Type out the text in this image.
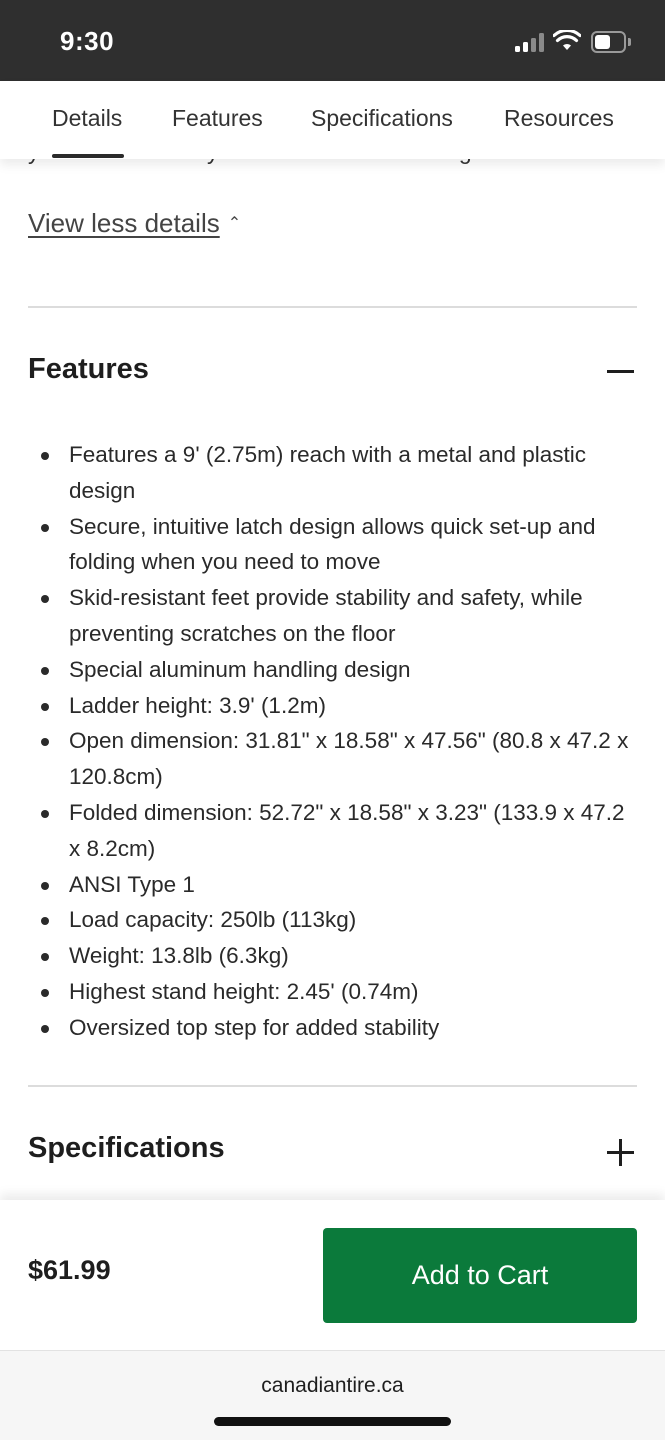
9:30
Details Features Specifications Resources
View less details ⌃
Features
Features a 9' (2.75m) reach with a metal and plastic design
Secure, intuitive latch design allows quick set-up and folding when you need to move
Skid-resistant feet provide stability and safety, while preventing scratches on the floor
Special aluminum handling design
Ladder height: 3.9' (1.2m)
Open dimension: 31.81" x 18.58" x 47.56" (80.8 x 47.2 x 120.8cm)
Folded dimension: 52.72" x 18.58" x 3.23" (133.9 x 47.2 x 8.2cm)
ANSI Type 1
Load capacity: 250lb (113kg)
Weight: 13.8lb (6.3kg)
Highest stand height: 2.45' (0.74m)
Oversized top step for added stability
Specifications
$61.99	Add to Cart
canadiantire.ca
